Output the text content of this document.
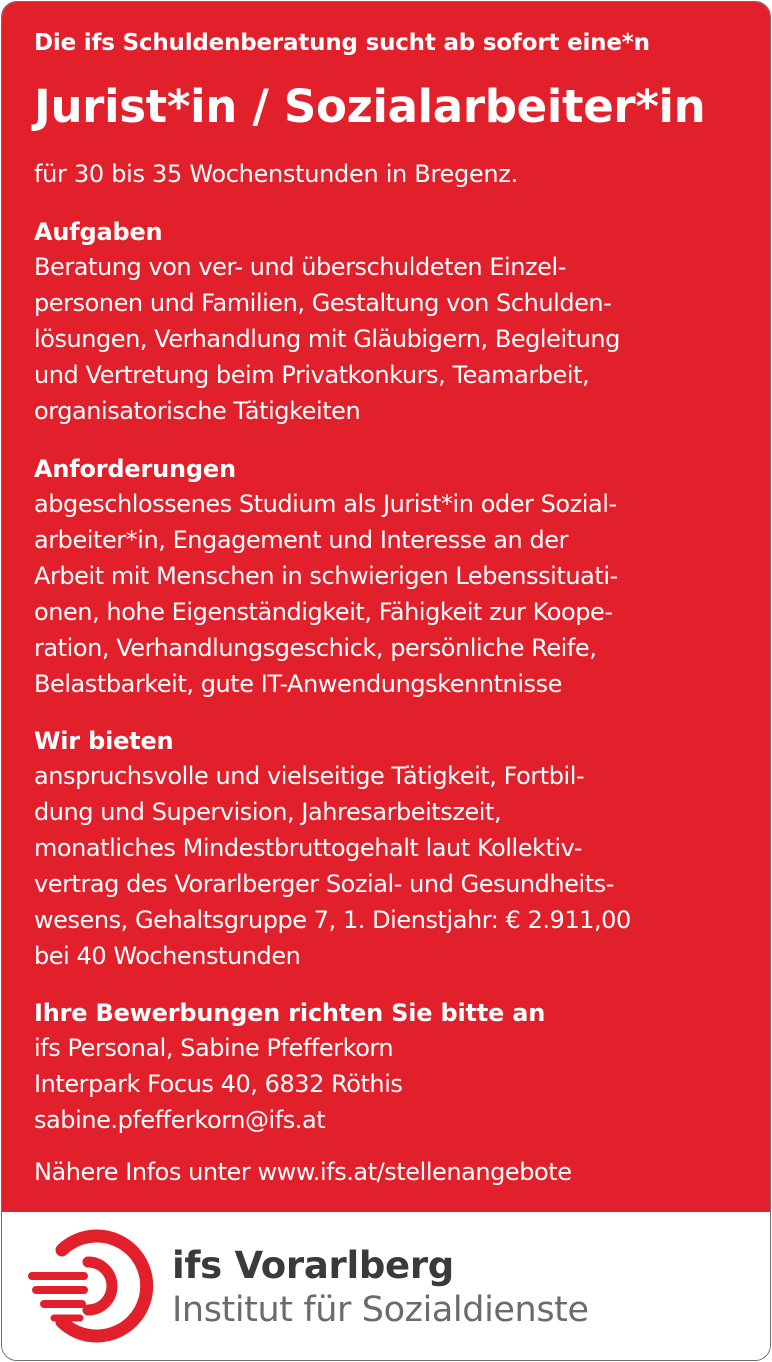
Die ifs Schuldenberatung sucht ab sofort eine*n

Jurist*in / Sozialarbeiter*in

für 30 bis 35 Wochenstunden in Bregenz.

Aufgaben

Beratung von ver- und überschuldeten Einzel-

personen und Familien, Gestaltung von Schulden-

lösungen, Verhandlung mit Gläubigern, Begleitung

und Vertretung beim Privatkonkurs, Teamarbeit,

organisatorische Tätigkeiten

Anforderungen

abgeschlossenes Studium als Jurist*in oder Sozial-

arbeiter*in, Engagement und Interesse an der

Arbeit mit Menschen in schwierigen Lebenssituati-

onen, hohe Eigenständigkeit, Fähigkeit zur Koope-

ration, Verhandlungsgeschick, persönliche Reife,

Belastbarkeit, gute IT-Anwendungskenntnisse

Wir bieten

anspruchsvolle und vielseitige Tätigkeit, Fortbil-

dung und Supervision, Jahresarbeitszeit,

monatliches Mindestbruttogehalt laut Kollektiv-

vertrag des Vorarlberger Sozial- und Gesundheits-

wesens, Gehaltsgruppe 7, 1. Dienstjahr: € 2.911,00

bei 40 Wochenstunden

Ihre Bewerbungen richten Sie bitte an

ifs Personal, Sabine Pfefferkorn

Interpark Focus 40, 6832 Röthis

sabine.pfefferkorn@ifs.at

Nähere Infos unter www.ifs.at/stellenangebote

ifs Vorarlberg
Institut für Sozialdienste
